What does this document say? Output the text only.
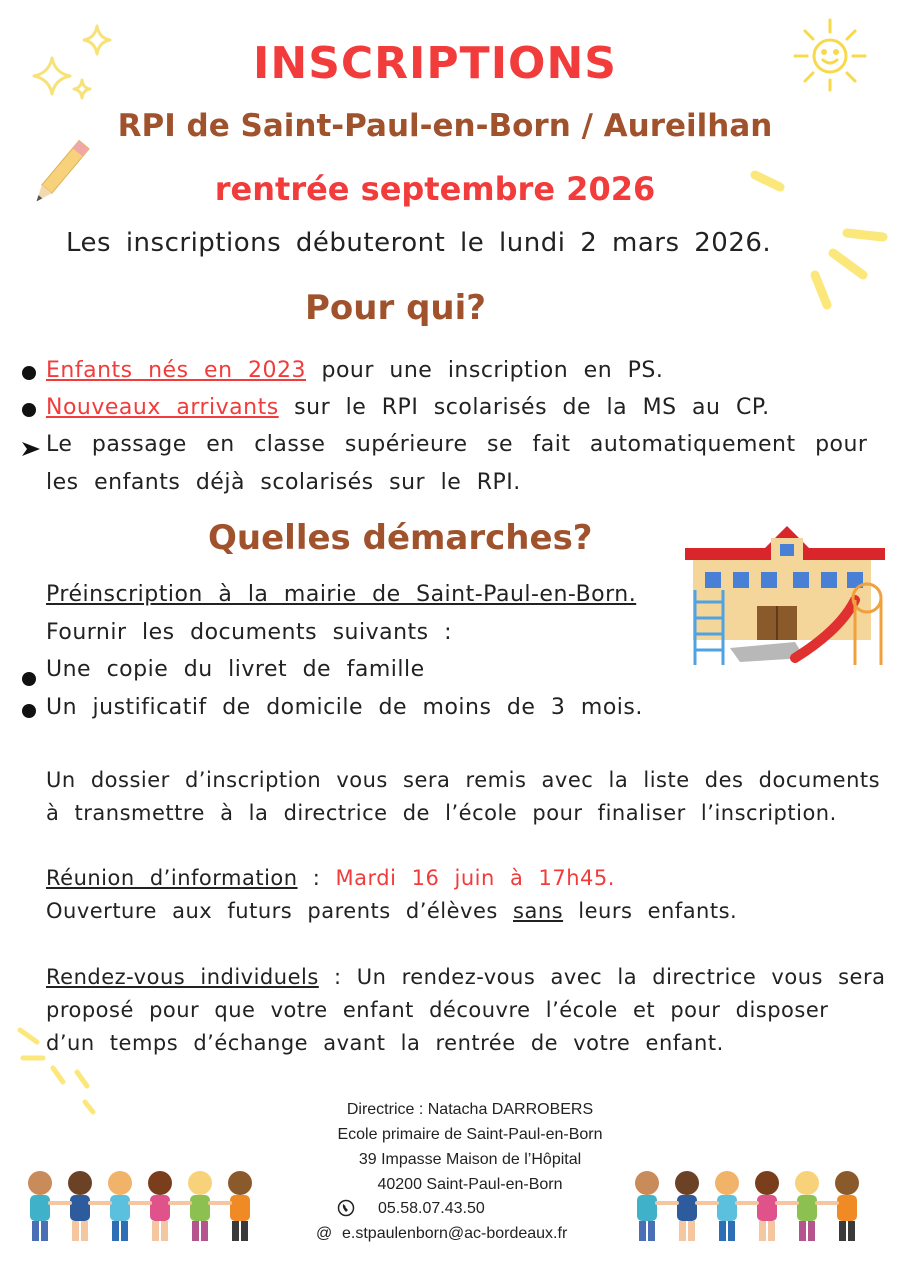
INSCRIPTIONS
RPI de Saint-Paul-en-Born / Aureilhan
rentrée septembre 2026
Les inscriptions débuteront le lundi 2 mars 2026.
Pour qui?
Enfants nés en 2023 pour une inscription en PS.
Nouveaux arrivants sur le RPI scolarisés de la MS au CP.
Le passage en classe supérieure se fait automatiquement pour
les enfants déjà scolarisés sur le RPI.
Quelles démarches?
Préinscription à la mairie de Saint-Paul-en-Born.
Fournir les documents suivants :
Une copie du livret de famille
Un justificatif de domicile de moins de 3 mois.
Un dossier d’inscription vous sera remis avec la liste des documents
à transmettre à la directrice de l’école pour finaliser l’inscription.
Réunion d’information : Mardi 16 juin à 17h45.
Ouverture aux futurs parents d’élèves sans leurs enfants.
Rendez-vous individuels : Un rendez-vous avec la directrice vous sera
proposé pour que votre enfant découvre l’école et pour disposer
d’un temps d’échange avant la rentrée de votre enfant.
Directrice : Natacha DARROBERS
Ecole primaire de Saint-Paul-en-Born
39 Impasse Maison de l’Hôpital
40200 Saint-Paul-en-Born
05.58.07.43.50
@ e.stpaulenborn@ac-bordeaux.fr
